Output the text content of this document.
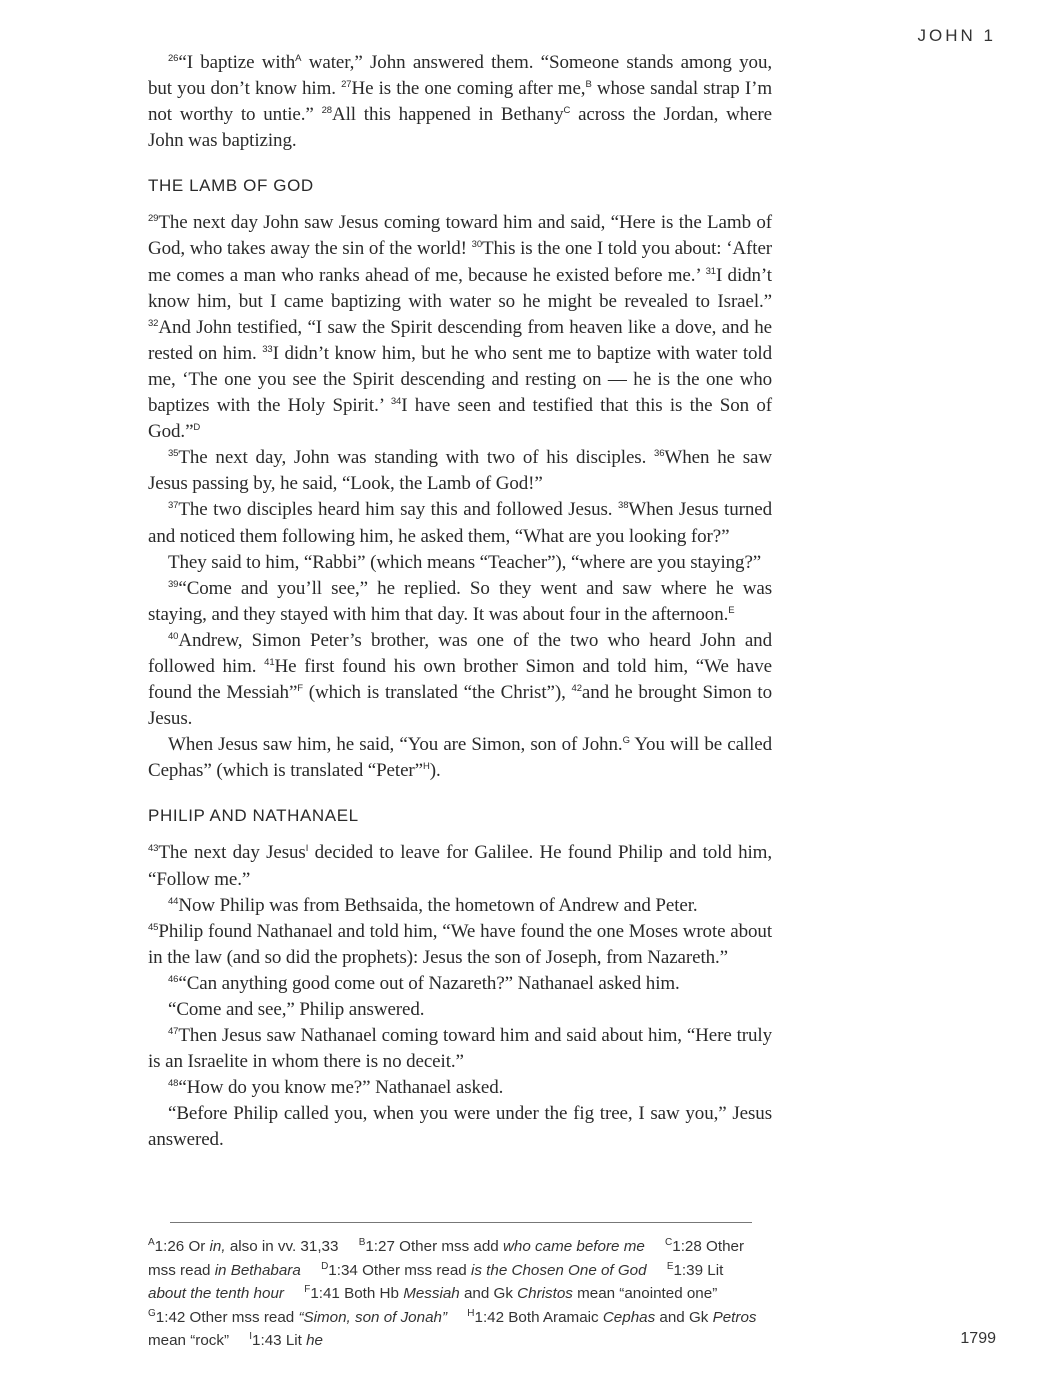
JOHN 1

$^{26}$“I baptize with$^A$ water,” John answered them. “Someone stands among you, but you don’t know him. $^{27}$He is the one coming after me,$^B$ whose sandal strap I’m not worthy to untie.” $^{28}$All this happened in Bethany$^C$ across the Jordan, where John was baptizing.

THE LAMB OF GOD

$^{29}$The next day John saw Jesus coming toward him and said, “Here is the Lamb of God, who takes away the sin of the world! $^{30}$This is the one I told you about: ‘After me comes a man who ranks ahead of me, because he existed before me.’ $^{31}$I didn’t know him, but I came baptizing with water so he might be revealed to Israel.” $^{32}$And John testified, “I saw the Spirit descending from heaven like a dove, and he rested on him. $^{33}$I didn’t know him, but he who sent me to baptize with water told me, ‘The one you see the Spirit descending and resting on — he is the one who baptizes with the Holy Spirit.’ $^{34}$I have seen and testified that this is the Son of God.”$^D$

$^{35}$The next day, John was standing with two of his disciples. $^{36}$When he saw Jesus passing by, he said, “Look, the Lamb of God!”

$^{37}$The two disciples heard him say this and followed Jesus. $^{38}$When Jesus turned and noticed them following him, he asked them, “What are you looking for?”

They said to him, “Rabbi” (which means “Teacher”), “where are you staying?”

$^{39}$“Come and you’ll see,” he replied. So they went and saw where he was staying, and they stayed with him that day. It was about four in the afternoon.$^E$

$^{40}$Andrew, Simon Peter’s brother, was one of the two who heard John and followed him. $^{41}$He first found his own brother Simon and told him, “We have found the Messiah”$^F$ (which is translated “the Christ”), $^{42}$and he brought Simon to Jesus.

When Jesus saw him, he said, “You are Simon, son of John.$^G$ You will be called Cephas” (which is translated “Peter”$^H$).

PHILIP AND NATHANAEL

$^{43}$The next day Jesus$^I$ decided to leave for Galilee. He found Philip and told him, “Follow me.”

$^{44}$Now Philip was from Bethsaida, the hometown of Andrew and Peter.

$^{45}$Philip found Nathanael and told him, “We have found the one Moses wrote about in the law (and so did the prophets): Jesus the son of Joseph, from Nazareth.”

$^{46}$“Can anything good come out of Nazareth?” Nathanael asked him.

“Come and see,” Philip answered.

$^{47}$Then Jesus saw Nathanael coming toward him and said about him, “Here truly is an Israelite in whom there is no deceit.”

$^{48}$“How do you know me?” Nathanael asked.

“Before Philip called you, when you were under the fig tree, I saw you,” Jesus answered.

$^A$1:26 Or in, also in vv. 31,33 $^B$1:27 Other mss add who came before me $^C$1:28 Other mss read in Bethabara $^D$1:34 Other mss read is the Chosen One of God $^E$1:39 Lit about the tenth hour $^F$1:41 Both Hb Messiah and Gk Christos mean “anointed one” $^G$1:42 Other mss read “Simon, son of Jonah” $^H$1:42 Both Aramaic Cephas and Gk Petros mean “rock” $^I$1:43 Lit he	1799
